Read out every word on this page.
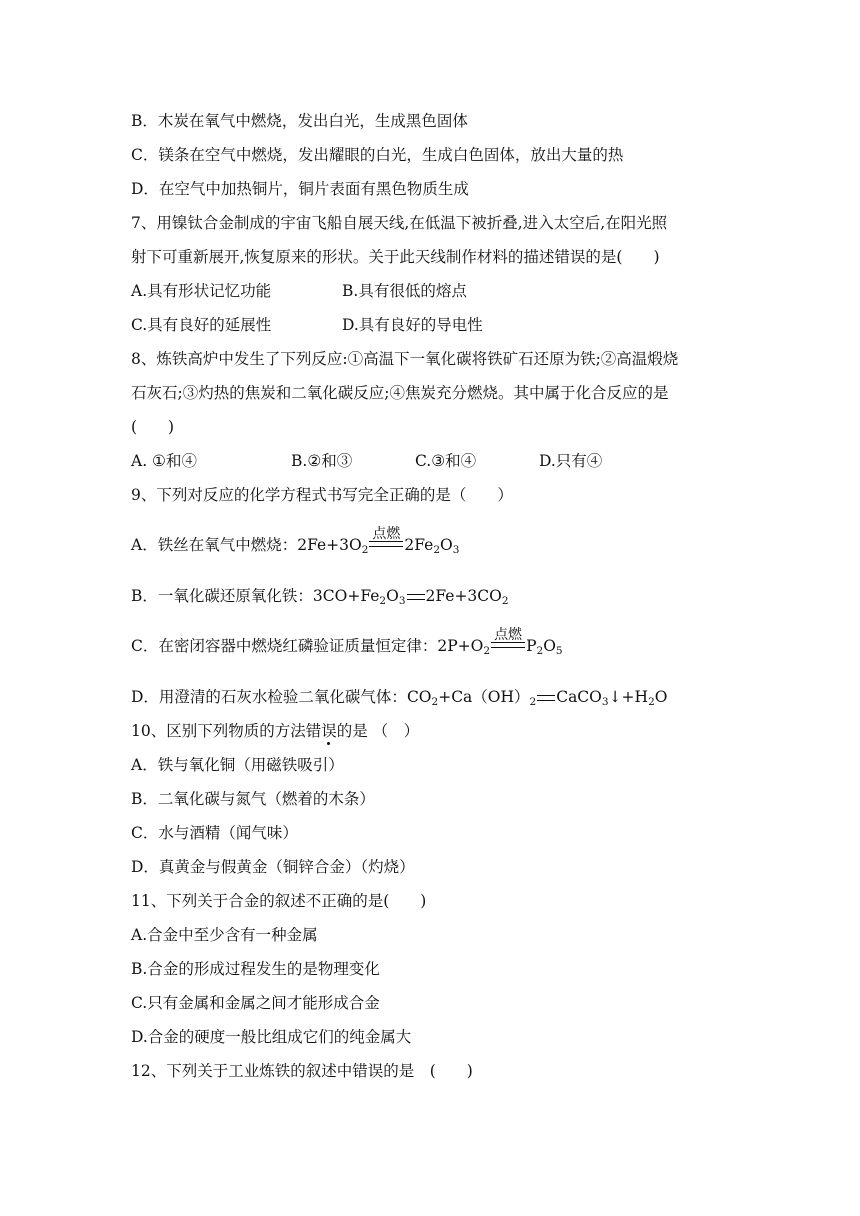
B．木炭在氧气中燃烧，发出白光，生成黑色固体
C．镁条在空气中燃烧，发出耀眼的白光，生成白色固体，放出大量的热
D．在空气中加热铜片，铜片表面有黑色物质生成
7、用镍钛合金制成的宇宙飞船自展天线,在低温下被折叠,进入太空后,在阳光照
射下可重新展开,恢复原来的形状。关于此天线制作材料的描述错误的是(　　)
A.具有形状记忆功能	B.具有很低的熔点
C.具有良好的延展性	D.具有良好的导电性
8、炼铁高炉中发生了下列反应:①高温下一氧化碳将铁矿石还原为铁;②高温煅烧
石灰石;③灼热的焦炭和二氧化碳反应;④焦炭充分燃烧。其中属于化合反应的是
(　　)
A. ①和④	B.②和③	C.③和④	D.只有④
9、下列对反应的化学方程式书写完全正确的是（　　）
A．铁丝在氧气中燃烧：$2Fe+3O_2$
点燃
$2Fe_2O_3$
B．一氧化碳还原氧化铁：$3CO+Fe_2O_3$ $2Fe+3CO_2$
C．在密闭容器中燃烧红磷验证质量恒定律：$2P+O_2$
点燃
$P_2O_5$
D．用澄清的石灰水检验二氧化碳气体：$CO_2+Ca(OH)_2$ $CaCO_3↓+H_2O$
10、区别下列物质的方法错误的是 （　）
A．铁与氧化铜（用磁铁吸引）
B．二氧化碳与氮气（燃着的木条）
C．水与酒精（闻气味）
D．真黄金与假黄金（铜锌合金）（灼烧）
11、下列关于合金的叙述不正确的是(　　)
A.合金中至少含有一种金属
B.合金的形成过程发生的是物理变化
C.只有金属和金属之间才能形成合金
D.合金的硬度一般比组成它们的纯金属大
12、下列关于工业炼铁的叙述中错误的是　(　　)
